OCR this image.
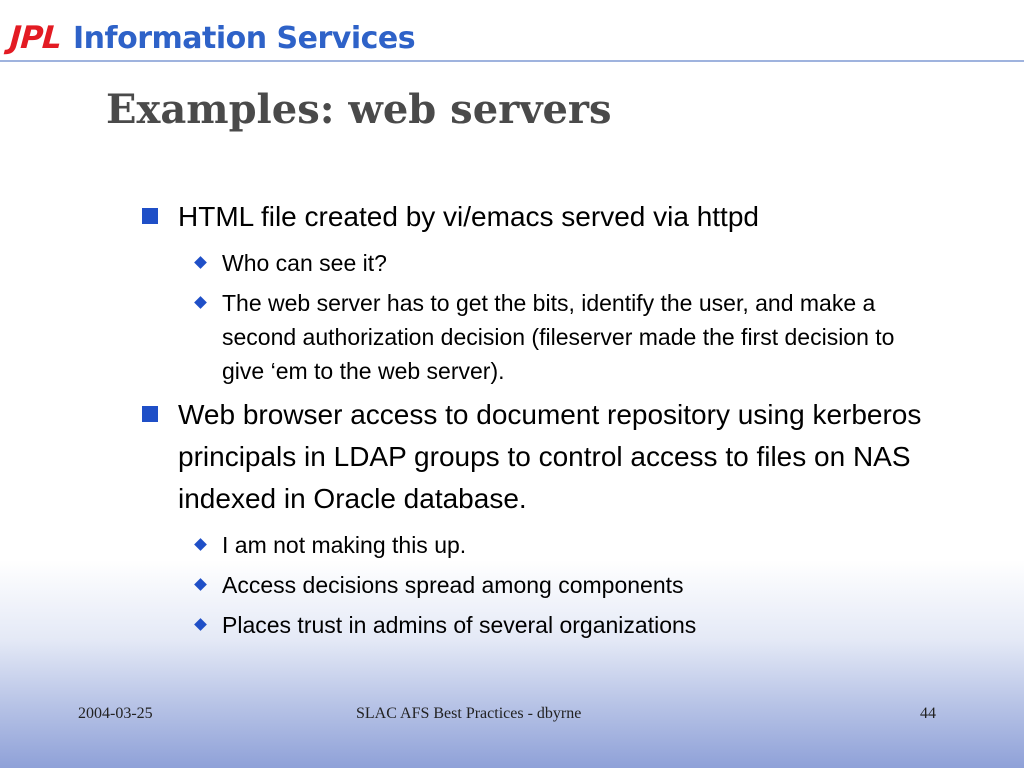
JPL Information Services
Examples: web servers
HTML file created by vi/emacs served via httpd
Who can see it?
The web server has to get the bits, identify the user, and make a second authorization decision (fileserver made the first decision to give ‘em to the web server).
Web browser access to document repository using kerberos principals in LDAP groups to control access to files on NAS indexed in Oracle database.
I am not making this up.
Access decisions spread among components
Places trust in admins of several organizations
2004-03-25	SLAC AFS Best Practices - dbyrne	44
